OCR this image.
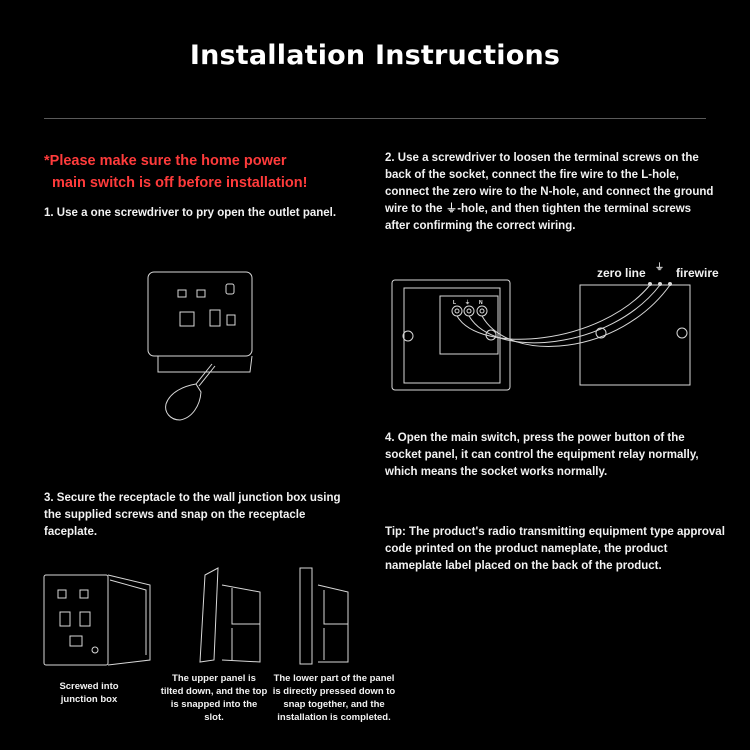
Installation Instructions
*Please make sure the home power
main switch is off before installation!
1. Use a one screwdriver to pry open the outlet panel.
2. Use a screwdriver to loosen the terminal screws on the back of the socket, connect the fire wire to the L-hole, connect the zero wire to the N-hole, and connect the ground wire to the ⏚-hole, and then tighten the terminal screws after confirming the correct wiring.
3. Secure the receptacle to the wall junction box using the supplied screws and snap on the receptacle faceplate.
4. Open the main switch, press the power button of the socket panel, it can control the equipment relay normally, which means the socket works normally.
Tip: The product's radio transmitting equipment type approval code printed on the product nameplate, the product nameplate label placed on the back of the product.
L ⏚ N
zero line ⏚ firewire
Screwed into junction box
The upper panel is tilted down, and the top is snapped into the slot.
The lower part of the panel is directly pressed down to snap together, and the installation is completed.
